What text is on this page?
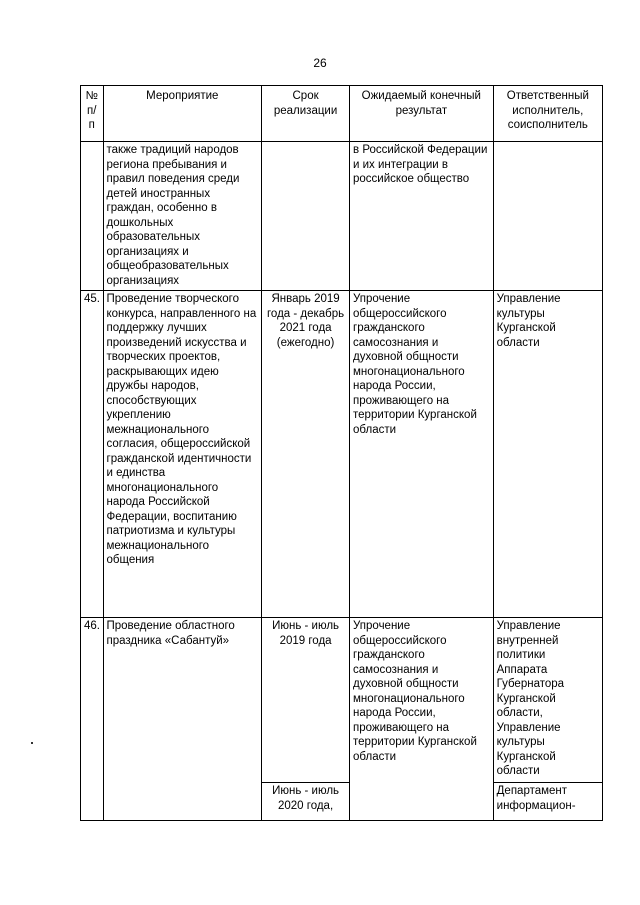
26
№ п/п	Мероприятие	Срок реализации	Ожидаемый конечный результат	Ответственный исполнитель, соисполнитель
	также традиций народов региона пребывания и правил поведения среди детей иностранных граждан, особенно в дошкольных образовательных организациях и общеобразовательных организациях		в Российской Федерации и их интеграции в российское общество	
45.	Проведение творческого конкурса, направленного на поддержку лучших произведений искусства и творческих проектов, раскрывающих идею дружбы народов, способствующих укреплению межнационального согласия, общероссийской гражданской идентичности и единства многонационального народа Российской Федерации, воспитанию патриотизма и культуры межнационального общения	Январь 2019 года - декабрь 2021 года (ежегодно)	Упрочение общероссийского гражданского самосознания и духовной общности многонационального народа России, проживающего на территории Курганской области	Управление культуры Курганской области
46.	Проведение областного праздника «Сабантуй»	Июнь - июль 2019 года	Упрочение общероссийского гражданского самосознания и духовной общности многонационального народа России, проживающего на территории Курганской области	Управление внутренней политики Аппарата Губернатора Курганской области, Управление культуры Курганской области
		Июнь - июль 2020 года,		Департамент информацион-
